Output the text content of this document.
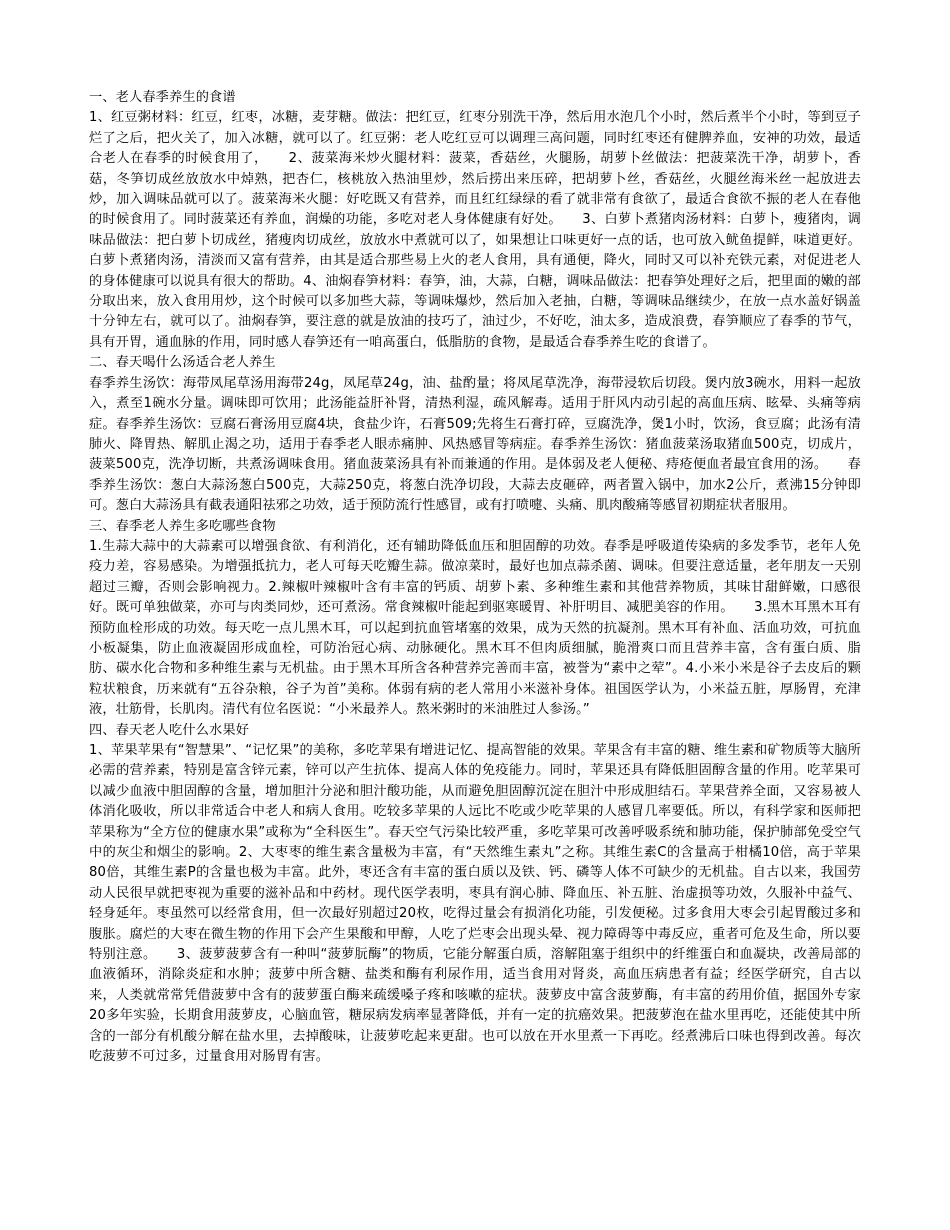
一、老人春季养生的食谱

1、红豆粥材料：红豆，红枣，冰糖，麦芽糖。做法：把红豆，红枣分别洗干净，然后用水泡几个小时，然后煮半个小时，等到豆子烂了之后，把火关了，加入冰糖，就可以了。红豆粥：老人吃红豆可以调理三高问题，同时红枣还有健脾养血，安神的功效，最适合老人在春季的时候食用了，　　2、菠菜海米炒火腿材料：菠菜，香菇丝，火腿肠，胡萝卜丝做法：把菠菜洗干净，胡萝卜，香菇，冬笋切成丝放放水中焯熟，把杏仁，核桃放入热油里炒，然后捞出来压碎，把胡萝卜丝，香菇丝，火腿丝海米丝一起放进去炒，加入调味品就可以了。菠菜海米火腿：好吃既又有营养，而且红红绿绿的看了就非常有食欲了，最适合食欲不振的老人在春他的时候食用了。同时菠菜还有养血，润燥的功能，多吃对老人身体健康有好处。　　3、白萝卜煮猪肉汤材料：白萝卜，瘦猪肉，调味品做法：把白萝卜切成丝，猪瘦肉切成丝，放放水中煮就可以了，如果想让口味更好一点的话，也可放入鱿鱼提鲜，味道更好。白萝卜煮猪肉汤，清淡而又富有营养，由其是适合那些易上火的老人食用，具有通便，降火，同时又可以补充铁元素，对促进老人的身体健康可以说具有很大的帮助。4、油焖春笋材料：春笋，油，大蒜，白糖，调味品做法：把春笋处理好之后，把里面的嫩的部分取出来，放入食用用炒，这个时候可以多加些大蒜，等调味爆炒，然后加入老抽，白糖，等调味品继续少，在放一点水盖好锅盖十分钟左右，就可以了。油焖春笋，要注意的就是放油的技巧了，油过少，不好吃，油太多，造成浪费，春笋顺应了春季的节气，具有开胃，通血脉的作用，同时感人春笋还有一咱高蛋白，低脂肪的食物，是最适合春季养生吃的食谱了。

二、春天喝什么汤适合老人养生

春季养生汤饮：海带凤尾草汤用海带24g，凤尾草24g，油、盐酌量；将凤尾草洗净，海带浸软后切段。煲内放3碗水，用料一起放入，煮至1碗水分量。调味即可饮用；此汤能益肝补肾，清热利湿，疏风解毒。适用于肝风内动引起的高血压病、眩晕、头痛等病症。春季养生汤饮：豆腐石膏汤用豆腐4块，食盐少许，石膏509;先将生石膏打碎，豆腐洗净，煲1小时，饮汤，食豆腐；此汤有清肺火、降胃热、解肌止渴之功，适用于春季老人眼赤痛肿、风热感冒等病症。春季养生汤饮：猪血菠菜汤取猪血500克，切成片，菠菜500克，洗净切断，共煮汤调味食用。猪血菠菜汤具有补而兼通的作用。是体弱及老人便秘、痔疮便血者最宜食用的汤。　　春季养生汤饮：葱白大蒜汤葱白500克，大蒜250克，将葱白洗净切段，大蒜去皮砸碎，两者置入锅中，加水2公斤，煮沸15分钟即可。葱白大蒜汤具有截表通阳祛邪之功效，适于预防流行性感冒，或有打喷嚏、头痛、肌肉酸痛等感冒初期症状者服用。

三、春季老人养生多吃哪些食物

1.生蒜大蒜中的大蒜素可以增强食欲、有利消化，还有辅助降低血压和胆固醇的功效。春季是呼吸道传染病的多发季节，老年人免疫力差，容易感染。为增强抵抗力，老人可每天吃瓣生蒜。做凉菜时，最好也加点蒜杀菌、调味。但要注意适量，老年朋友一天别超过三瓣，否则会影响视力。2.辣椒叶辣椒叶含有丰富的钙质、胡萝卜素、多种维生素和其他营养物质，其味甘甜鲜嫩，口感很好。既可单独做菜，亦可与肉类同炒，还可煮汤。常食辣椒叶能起到驱寒暖胃、补肝明目、减肥美容的作用。　　3.黑木耳黑木耳有预防血栓形成的功效。每天吃一点儿黑木耳，可以起到抗血管堵塞的效果，成为天然的抗凝剂。黑木耳有补血、活血功效，可抗血小板凝集，防止血液凝固形成血栓，可防治冠心病、动脉硬化。黑木耳不但肉质细腻，脆滑爽口而且营养丰富，含有蛋白质、脂肪、碳水化合物和多种维生素与无机盐。由于黑木耳所含各种营养完善而丰富，被誉为“素中之荤”。4.小米小米是谷子去皮后的颗粒状粮食，历来就有“五谷杂粮，谷子为首”美称。体弱有病的老人常用小米滋补身体。祖国医学认为，小米益五脏，厚肠胃，充津液，壮筋骨，长肌肉。清代有位名医说：“小米最养人。熬米粥时的米油胜过人参汤。”

四、春天老人吃什么水果好

1、苹果苹果有“智慧果”、“记忆果”的美称，多吃苹果有增进记忆、提高智能的效果。苹果含有丰富的糖、维生素和矿物质等大脑所必需的营养素，特别是富含锌元素，锌可以产生抗体、提高人体的免疫能力。同时，苹果还具有降低胆固醇含量的作用。吃苹果可以减少血液中胆固醇的含量，增加胆汁分泌和胆汁酸功能，从而避免胆固醇沉淀在胆汁中形成胆结石。苹果营养全面，又容易被人体消化吸收，所以非常适合中老人和病人食用。吃较多苹果的人远比不吃或少吃苹果的人感冒几率要低。所以，有科学家和医师把苹果称为“全方位的健康水果”或称为“全科医生”。春天空气污染比较严重，多吃苹果可改善呼吸系统和肺功能，保护肺部免受空气中的灰尘和烟尘的影响。2、大枣枣的维生素含量极为丰富，有“天然维生素丸”之称。其维生素C的含量高于柑橘10倍，高于苹果80倍，其维生素P的含量也极为丰富。此外，枣还含有丰富的蛋白质以及铁、钙、磷等人体不可缺少的无机盐。自古以来，我国劳动人民很早就把枣视为重要的滋补品和中药材。现代医学表明，枣具有润心肺、降血压、补五脏、治虚损等功效，久服补中益气、轻身延年。枣虽然可以经常食用，但一次最好别超过20枚，吃得过量会有损消化功能，引发便秘。过多食用大枣会引起胃酸过多和腹胀。腐烂的大枣在微生物的作用下会产生果酸和甲醇，人吃了烂枣会出现头晕、视力障碍等中毒反应，重者可危及生命，所以要特别注意。　　3、菠萝菠萝含有一种叫“菠萝朊酶”的物质，它能分解蛋白质，溶解阻塞于组织中的纤维蛋白和血凝块，改善局部的血液循环，消除炎症和水肿；菠萝中所含糖、盐类和酶有利尿作用，适当食用对肾炎，高血压病患者有益；经医学研究，自古以来，人类就常常凭借菠萝中含有的菠萝蛋白酶来疏缓嗓子疼和咳嗽的症状。菠萝皮中富含菠萝酶，有丰富的药用价值，据国外专家20多年实验，长期食用菠萝皮，心脑血管，糖尿病发病率显著降低，并有一定的抗癌效果。把菠萝泡在盐水里再吃，还能使其中所含的一部分有机酸分解在盐水里，去掉酸味，让菠萝吃起来更甜。也可以放在开水里煮一下再吃。经煮沸后口味也得到改善。每次吃菠萝不可过多，过量食用对肠胃有害。
